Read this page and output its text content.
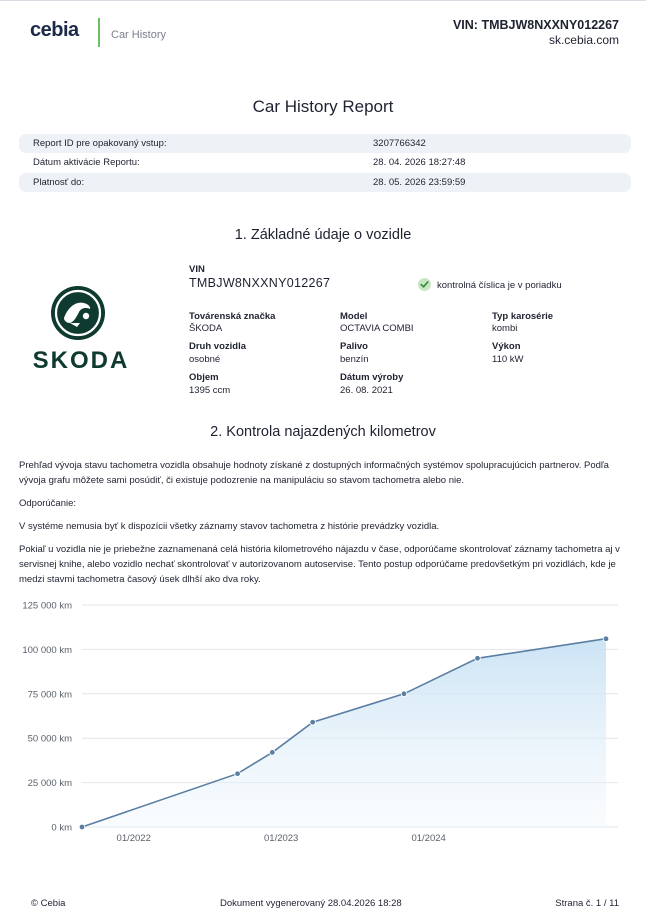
cebia	Car History
VIN: TMBJW8NXXNY012267
sk.cebia.com
Car History Report
Report ID pre opakovaný vstup:	3207766342
Dátum aktivácie Reportu:	28. 04. 2026 18:27:48
Platnosť do:	28. 05. 2026 23:59:59
1. Základné údaje o vozidle
SKODA
VIN
TMBJW8NXXNY012267	kontrolná číslica je v poriadku
Továrenská značka
ŠKODA
Model
OCTAVIA COMBI
Typ karosérie
kombi
Druh vozidla
osobné
Palivo
benzín
Výkon
110 kW
Objem
1395 ccm
Dátum výroby
26. 08. 2021
2. Kontrola najazdených kilometrov
Prehľad vývoja stavu tachometra vozidla obsahuje hodnoty získané z dostupných informačných systémov spolupracujúcich partnerov. Podľa vývoja grafu môžete sami posúdiť, či existuje podozrenie na manipuláciu so stavom tachometra alebo nie.
Odporúčanie:
V systéme nemusia byť k dispozícii všetky záznamy stavov tachometra z histórie prevádzky vozidla.
Pokiaľ u vozidla nie je priebežne zaznamenaná celá história kilometrového nájazdu v čase, odporúčame skontrolovať záznamy tachometra aj v servisnej knihe, alebo vozidlo nechať skontrolovať v autorizovanom autoservise. Tento postup odporúčame predovšetkým pri vozidlách, kde je medzi stavmi tachometra časový úsek dlhší ako dva roky.
0 km
25 000 km
50 000 km
75 000 km
100 000 km
125 000 km
01/2022	01/2023	01/2024
© Cebia	Dokument vygenerovaný 28.04.2026 18:28	Strana č. 1 / 11
